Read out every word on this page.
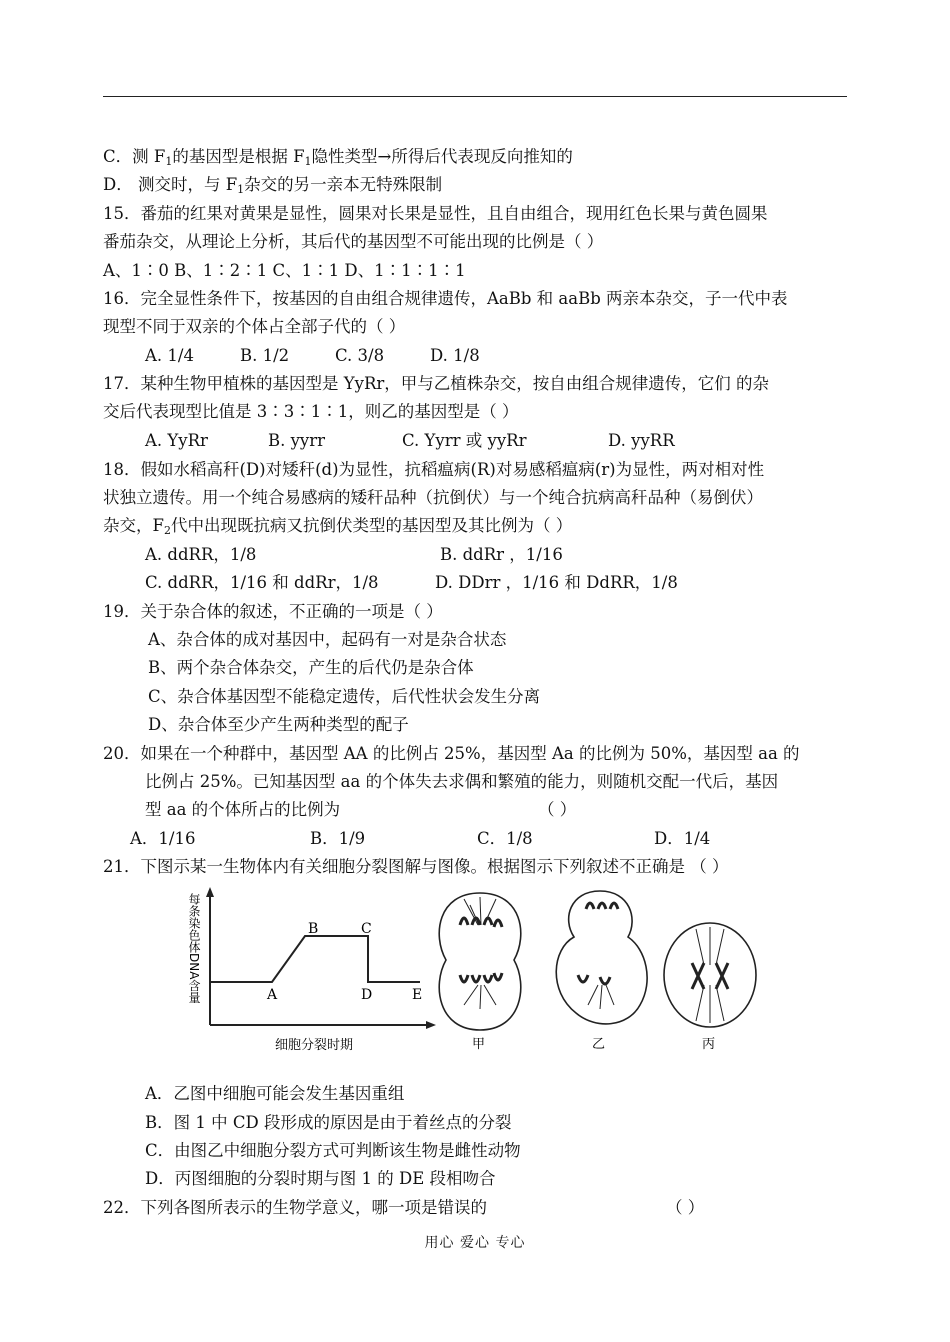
C．测 $F_1$的基因型是根据 $F_1$隐性类型→所得后代表现反向推知的
D． 测交时，与 $F_1$杂交的另一亲本无特殊限制
15．番茄的红果对黄果是显性，圆果对长果是显性，且自由组合，现用红色长果与黄色圆果
番茄杂交，从理论上分析，其后代的基因型不可能出现的比例是（ ）
A、1∶0 B、1∶2∶1 C、1∶1 D、1∶1∶1∶1
16．完全显性条件下，按基因的自由组合规律遗传，AaBb 和 aaBb 两亲本杂交，子一代中表
现型不同于双亲的个体占全部子代的（ ）
A. 1/4	B. 1/2	C. 3/8	D. 1/8
17．某种生物甲植株的基因型是 YyRr，甲与乙植株杂交，按自由组合规律遗传，它们 的杂
交后代表现型比值是 3∶3∶1∶1，则乙的基因型是（ ）
A. YyRr	B. yyrr	C. Yyrr 或 yyRr	D. yyRR
18．假如水稻高秆(D)对矮秆(d)为显性，抗稻瘟病(R)对易感稻瘟病(r)为显性，两对相对性
状独立遗传。用一个纯合易感病的矮秆品种（抗倒伏）与一个纯合抗病高秆品种（易倒伏）
杂交，$F_2$代中出现既抗病又抗倒伏类型的基因型及其比例为（ ）
A. ddRR，1/8	B. ddRr ，1/16
C. ddRR，1/16 和 ddRr，1/8	D. DDrr ，1/16 和 DdRR，1/8
19．关于杂合体的叙述，不正确的一项是（ ）
A、杂合体的成对基因中，起码有一对是杂合状态
B、两个杂合体杂交，产生的后代仍是杂合体
C、杂合体基因型不能稳定遗传，后代性状会发生分离
D、杂合体至少产生两种类型的配子
20．如果在一个种群中，基因型 AA 的比例占 25%，基因型 Aa 的比例为 50%，基因型 aa 的
比例占 25%。已知基因型 aa 的个体失去求偶和繁殖的能力，则随机交配一代后，基因
型 aa 的个体所占的比例为	（ ）
A．1/16	B．1/9	C．1/8	D．1/4
21．下图示某一生物体内有关细胞分裂图解与图像。根据图示下列叙述不正确是 （ ）
每条染色体DNA含量
细胞分裂时期
A
B	C
D	E
甲	乙	丙
A．乙图中细胞可能会发生基因重组
B．图 1 中 CD 段形成的原因是由于着丝点的分裂
C．由图乙中细胞分裂方式可判断该生物是雌性动物
D．丙图细胞的分裂时期与图 1 的 DE 段相吻合
22．下列各图所表示的生物学意义，哪一项是错误的	（ ）
用心 爱心 专心
